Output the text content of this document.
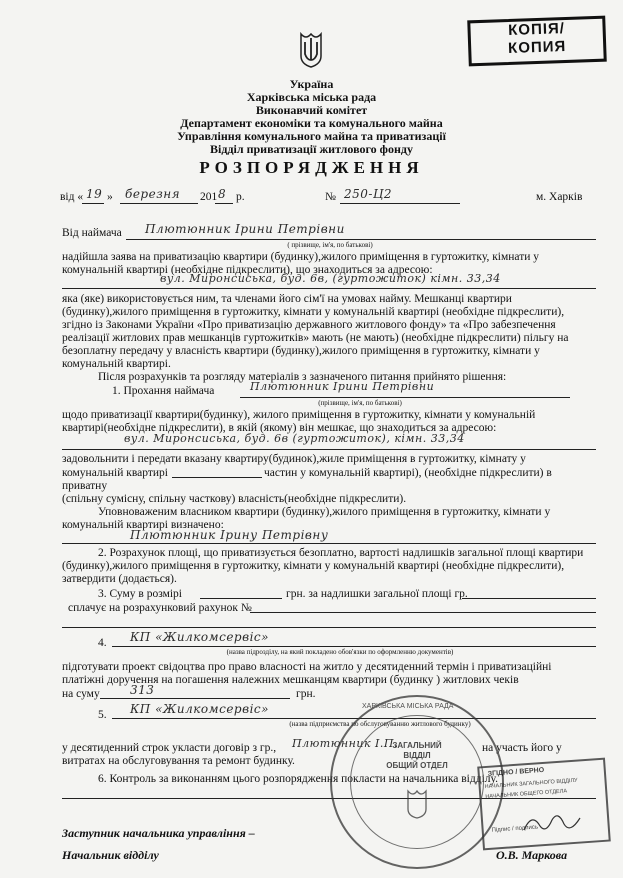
КОПІЯ/
КОПИЯ
Україна
Харківська міська рада
Виконавчий комітет
Департамент економіки та комунального майна
Управління комунального майна та приватизації
Відділ приватизації житлового фонду
РОЗПОРЯДЖЕННЯ
від « 19 » березня 201 8 р.	№ 250-Ц2	м. Харків
Від наймача Плютюнник Ірини Петрівни
( прізвище, ім'я, по батькові)
надійшла заява на приватизацію квартири (будинку),жилого приміщення в гуртожитку, кімнати у
комунальній квартирі (необхідне підкреслити), що знаходиться за адресою:
вул. Миронсиська, буд. 6в, (гуртожиток) кімн. 33,34
яка (яке) використовується ним, та членами його сім'ї на умовах найму. Мешканці квартири
(будинку),жилого приміщення в гуртожитку, кімнати у комунальній квартирі (необхідне підкреслити),
згідно із Законами України «Про приватизацію державного житлового фонду» та «Про забезпечення
реалізації житлових прав мешканців гуртожитків» мають (не мають) (необхідне підкреслити) пільгу на
безоплатну передачу у власність квартири (будинку),жилого приміщення в гуртожитку, кімнати у
комунальній квартирі.
Після розрахунків та розгляду матеріалів з зазначеного питання прийнято рішення:
1. Прохання наймача	Плютюнник Ірини Петрівни
(прізвище, ім'я, по батькові)
щодо приватизації квартири(будинку), жилого приміщення в гуртожитку, кімнати у комунальній
квартирі(необхідне підкреслити), в якій (якому) він мешкає, що знаходиться за адресою:
вул. Миронсиська, буд. 6в (гуртожиток), кімн. 33,34
задовольнити і передати вказану квартиру(будинок),жиле приміщення в гуртожитку, кімнату у
комунальній квартирі	частин у комунальній квартирі), (необхідне підкреслити) в
приватну
(спільну сумісну, спільну часткову) власність(необхідне підкреслити).
Уповноваженим власником квартири (будинку),жилого приміщення в гуртожитку, кімнати у
комунальній квартирі визначено:
Плютюнник Ірину Петрівну
2. Розрахунок площі, що приватизується безоплатно, вартості надлишків загальної площі квартири
(будинку),жилого приміщення в гуртожитку, кімнати у комунальній квартирі (необхідне підкреслити),
затвердити (додається).
3. Суму в розмірі	грн. за надлишки загальної площі гр.
сплачує на розрахунковий рахунок №
4. КП «Жилкомсервіс»
(назва підрозділу, на який покладено обов'язки по оформленню документів)
підготувати проект свідоцтва про право власності на житло у десятиденний термін і приватизаційні
платіжні доручення на погашення належних мешканцям квартири (будинку ) житлових чеків
на суму	313	грн.
5. КП «Жилкомсервіс»
(назва підприємства по обслуговуванню житлового будинку)
у десятиденний строк укласти договір з гр., Плютюнник І.П.	на участь його у
витратах на обслуговування та ремонт будинку.
6. Контроль за виконанням цього розпорядження покласти на начальника відділу.
Заступник начальника управління –
Начальник відділу	О.В. Маркова
ХАРКІВСЬКА МІСЬКА РАДА
ЗАГАЛЬНИЙ
ВІДДІЛ
ОБЩИЙ ОТДЕЛ
ЗГІДНО / ВЕРНО
НАЧАЛЬНИК ЗАГАЛЬНОГО ВІДДІЛУ
НАЧАЛЬНИК ОБЩЕГО ОТДЕЛА
Підпис / подпись
